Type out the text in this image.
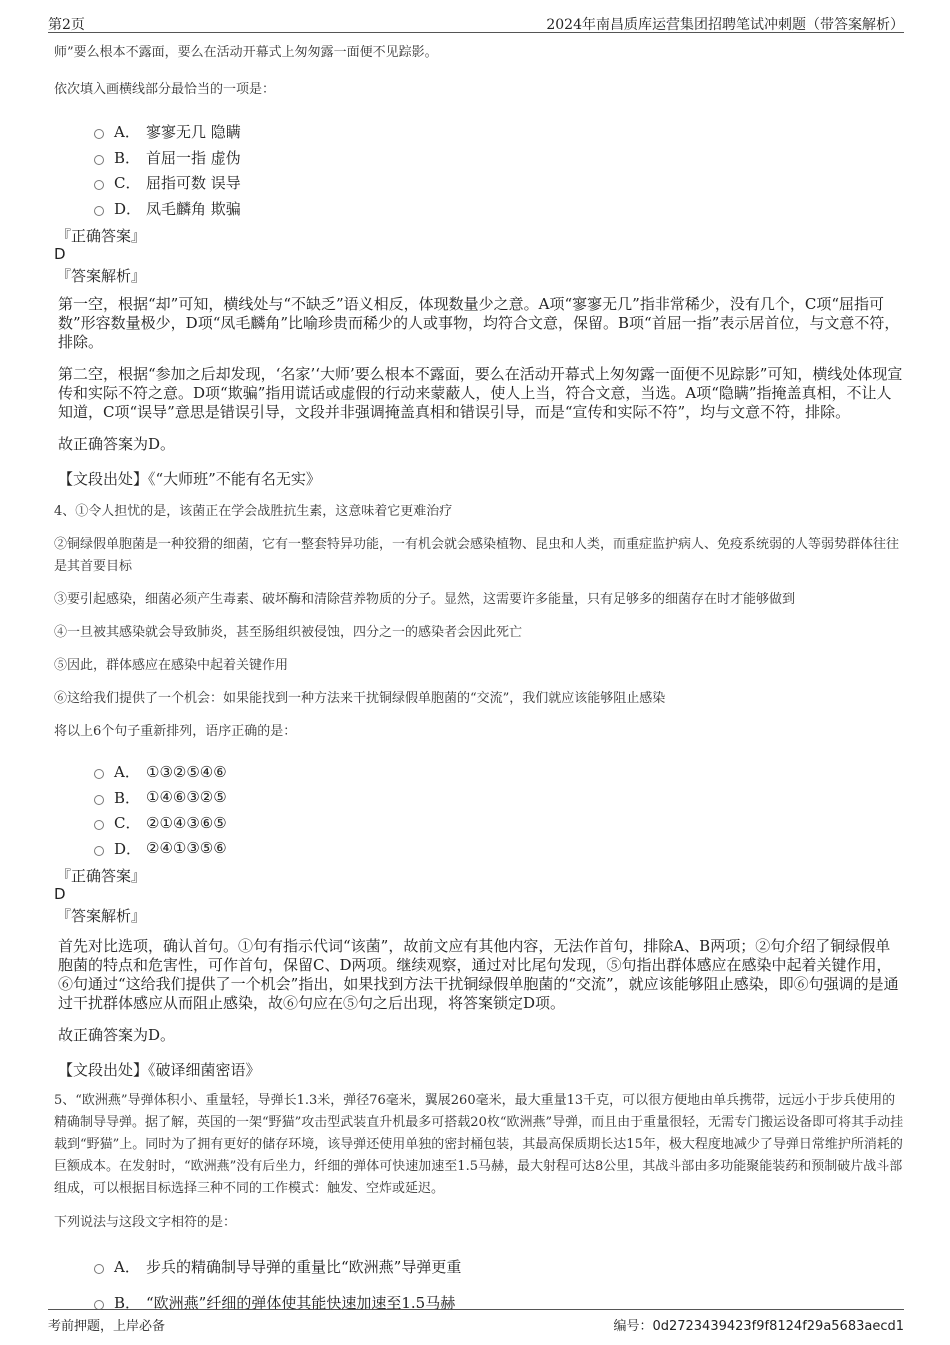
第2页	2024年南昌质库运营集团招聘笔试冲刺题（带答案解析）
师”要么根本不露面，要么在活动开幕式上匆匆露一面便不见踪影。
依次填入画横线部分最恰当的一项是：
A． 寥寥无几 隐瞒
B． 首屈一指 虚伪
C． 屈指可数 误导
D． 凤毛麟角 欺骗
『正确答案』
D
『答案解析』
第一空，根据“却”可知，横线处与“不缺乏”语义相反，体现数量少之意。A项“寥寥无几”指非常稀少，没有几个，C项“屈指可数”形容数量极少，D项“凤毛麟角”比喻珍贵而稀少的人或事物，均符合文意，保留。B项“首屈一指”表示居首位，与文意不符，排除。
第二空，根据“参加之后却发现，‘名家’‘大师’要么根本不露面，要么在活动开幕式上匆匆露一面便不见踪影”可知，横线处体现宣传和实际不符之意。D项“欺骗”指用谎话或虚假的行动来蒙蔽人，使人上当，符合文意，当选。A项“隐瞒”指掩盖真相，不让人知道，C项“误导”意思是错误引导，文段并非强调掩盖真相和错误引导，而是“宣传和实际不符”，均与文意不符，排除。
故正确答案为D。
【文段出处】《“大师班”不能有名无实》
4、①令人担忧的是，该菌正在学会战胜抗生素，这意味着它更难治疗
②铜绿假单胞菌是一种狡猾的细菌，它有一整套特异功能，一有机会就会感染植物、昆虫和人类，而重症监护病人、免疫系统弱的人等弱势群体往往是其首要目标
③要引起感染，细菌必须产生毒素、破坏酶和清除营养物质的分子。显然，这需要许多能量，只有足够多的细菌存在时才能够做到
④一旦被其感染就会导致肺炎，甚至肠组织被侵蚀，四分之一的感染者会因此死亡
⑤因此，群体感应在感染中起着关键作用
⑥这给我们提供了一个机会：如果能找到一种方法来干扰铜绿假单胞菌的“交流”，我们就应该能够阻止感染
将以上6个句子重新排列，语序正确的是：
A． ①③②⑤④⑥
B． ①④⑥③②⑤
C． ②①④③⑥⑤
D． ②④①③⑤⑥
『正确答案』
D
『答案解析』
首先对比选项，确认首句。①句有指示代词“该菌”，故前文应有其他内容，无法作首句，排除A、B两项；②句介绍了铜绿假单胞菌的特点和危害性，可作首句，保留C、D两项。继续观察，通过对比尾句发现，⑤句指出群体感应在感染中起着关键作用，⑥句通过“这给我们提供了一个机会”指出，如果找到方法干扰铜绿假单胞菌的“交流”，就应该能够阻止感染，即⑥句强调的是通过干扰群体感应从而阻止感染，故⑥句应在⑤句之后出现，将答案锁定D项。
故正确答案为D。
【文段出处】《破译细菌密语》
5、“欧洲燕”导弹体积小、重量轻，导弹长1.3米，弹径76毫米，翼展260毫米，最大重量13千克，可以很方便地由单兵携带，远远小于步兵使用的精确制导导弹。据了解，英国的一架“野猫”攻击型武装直升机最多可搭载20枚“欧洲燕”导弹，而且由于重量很轻，无需专门搬运设备即可将其手动挂载到“野猫”上。同时为了拥有更好的储存环境，该导弹还使用单独的密封桶包装，其最高保质期长达15年，极大程度地减少了导弹日常维护所消耗的巨额成本。在发射时，“欧洲燕”没有后坐力，纤细的弹体可快速加速至1.5马赫，最大射程可达8公里，其战斗部由多功能聚能装药和预制破片战斗部组成，可以根据目标选择三种不同的工作模式：触发、空炸或延迟。
下列说法与这段文字相符的是：
A． 步兵的精确制导导弹的重量比“欧洲燕”导弹更重
B． “欧洲燕”纤细的弹体使其能快速加速至1.5马赫
考前押题，上岸必备	编号：0d2723439423f9f8124f29a5683aecd1
